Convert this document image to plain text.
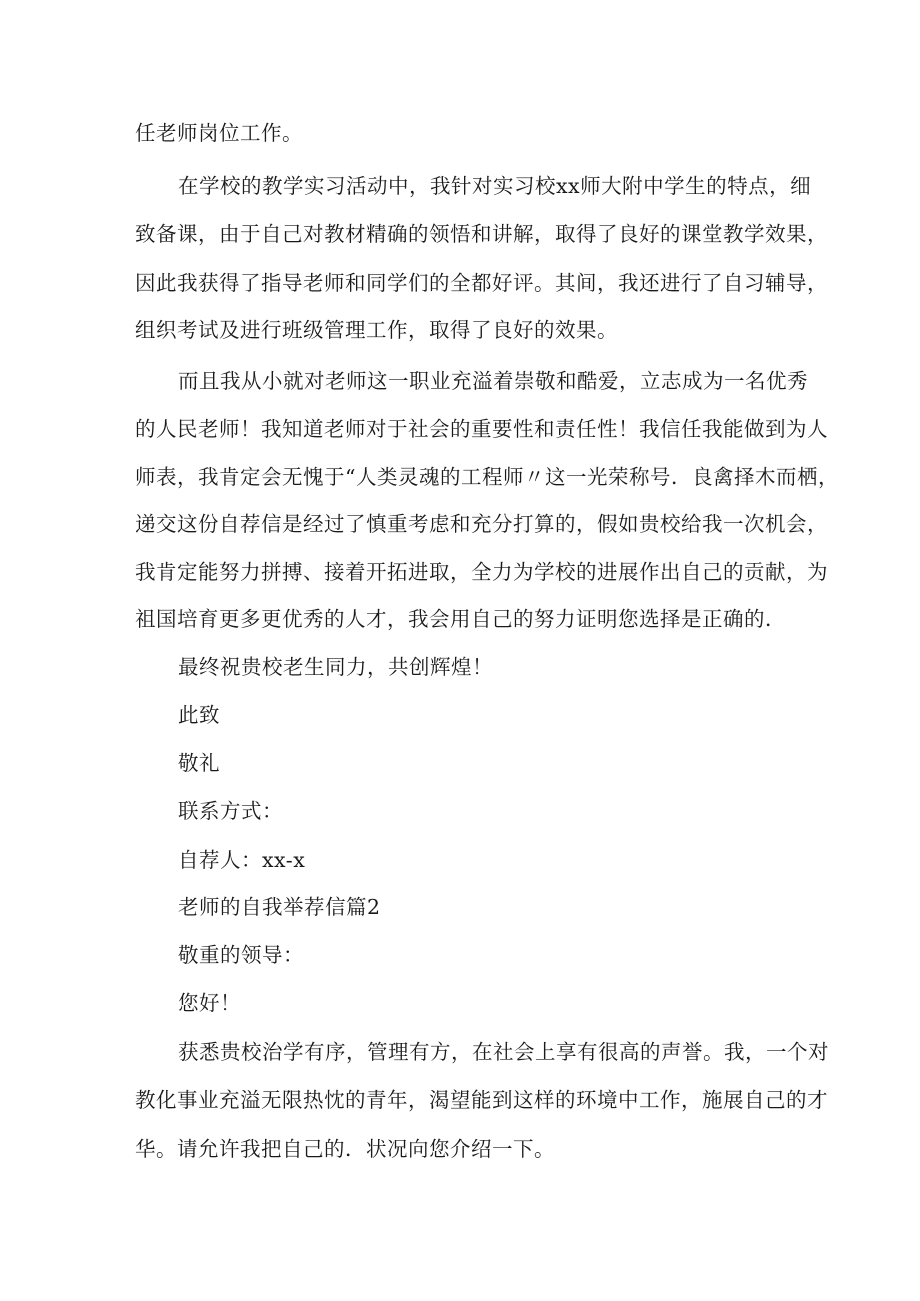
任老师岗位工作。
在学校的教学实习活动中，我针对实习校xx师大附中学生的特点，细
致备课，由于自己对教材精确的领悟和讲解，取得了良好的课堂教学效果，
因此我获得了指导老师和同学们的全都好评。其间，我还进行了自习辅导，
组织考试及进行班级管理工作，取得了良好的效果。
而且我从小就对老师这一职业充溢着崇敬和酷爱，立志成为一名优秀
的人民老师！我知道老师对于社会的重要性和责任性！我信任我能做到为人
师表，我肯定会无愧于“人类灵魂的工程师〃这一光荣称号．良禽择木而栖，
递交这份自荐信是经过了慎重考虑和充分打算的，假如贵校给我一次机会，
我肯定能努力拼搏、接着开拓进取，全力为学校的进展作出自己的贡献，为
祖国培育更多更优秀的人才，我会用自己的努力证明您选择是正确的．
最终祝贵校老生同力，共创辉煌！
此致
敬礼
联系方式：
自荐人：xx-x
老师的自我举荐信篇2
敬重的领导：
您好！
获悉贵校治学有序，管理有方，在社会上享有很高的声誉。我，一个对
教化事业充溢无限热忱的青年，渴望能到这样的环境中工作，施展自己的才
华。请允许我把自己的．状况向您介绍一下。
